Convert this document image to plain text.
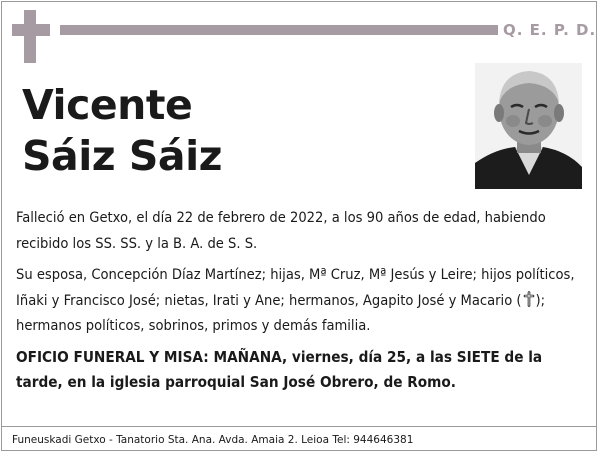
Q. E. P. D.
Vicente
Sáiz Sáiz

Falleció en Getxo, el día 22 de febrero de 2022, a los 90 años de edad, habiendo recibido los SS. SS. y la B. A. de S. S.

Su esposa, Concepción Díaz Martínez; hijas, Mª Cruz, Mª Jesús y Leire; hijos políticos, Iñaki y Francisco José; nietas, Irati y Ane; hermanos, Agapito José y Macario ( ); hermanos políticos, sobrinos, primos y demás familia.

OFICIO FUNERAL Y MISA: MAÑANA, viernes, día 25, a las SIETE de la tarde, en la iglesia parroquial San José Obrero, de Romo.

Funeuskadi Getxo - Tanatorio Sta. Ana. Avda. Amaia 2. Leioa Tel: 944646381
